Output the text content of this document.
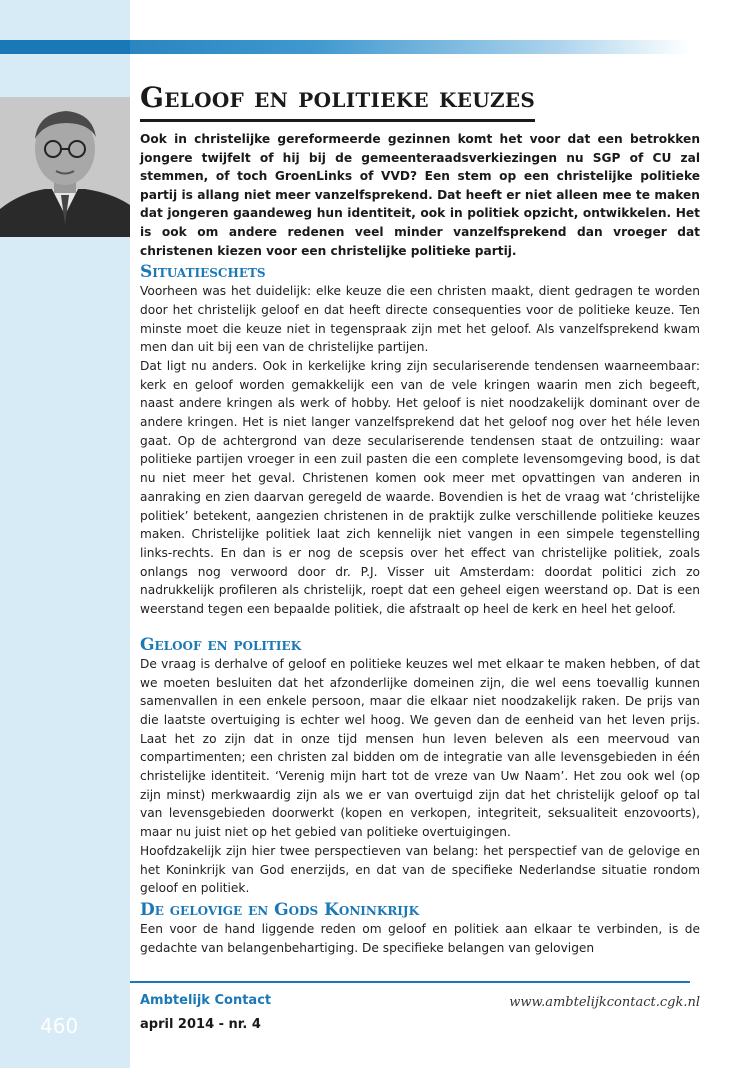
Geloof en politieke keuzes

Ook in christelijke gereformeerde gezinnen komt het voor dat een betrokken jongere twijfelt of hij bij de gemeenteraadsverkiezingen nu SGP of CU zal stemmen, of toch GroenLinks of VVD? Een stem op een christelijke politieke partij is allang niet meer vanzelfsprekend. Dat heeft er niet alleen mee te maken dat jongeren gaandeweg hun identiteit, ook in politiek opzicht, ontwikkelen. Het is ook om andere redenen veel minder vanzelfsprekend dan vroeger dat christenen kiezen voor een christelijke politieke partij.

Situatieschets

Voorheen was het duidelijk: elke keuze die een christen maakt, dient gedragen te worden door het christelijk geloof en dat heeft directe consequenties voor de politieke keuze. Ten minste moet die keuze niet in tegenspraak zijn met het geloof. Als vanzelfsprekend kwam men dan uit bij een van de christelijke partijen.

Dat ligt nu anders. Ook in kerkelijke kring zijn seculariserende tendensen waarneembaar: kerk en geloof worden gemakkelijk een van de vele kringen waarin men zich begeeft, naast andere kringen als werk of hobby. Het geloof is niet noodzakelijk dominant over de andere kringen. Het is niet langer vanzelfsprekend dat het geloof nog over het héle leven gaat. Op de achtergrond van deze seculariserende tendensen staat de ontzuiling: waar politieke partijen vroeger in een zuil pasten die een complete levensomgeving bood, is dat nu niet meer het geval. Christenen komen ook meer met opvattingen van anderen in aanraking en zien daarvan geregeld de waarde. Bovendien is het de vraag wat ‘christelijke politiek’ betekent, aangezien christenen in de praktijk zulke verschillende politieke keuzes maken. Christelijke politiek laat zich kennelijk niet vangen in een simpele tegenstelling links-rechts. En dan is er nog de scepsis over het effect van christelijke politiek, zoals onlangs nog verwoord door dr. P.J. Visser uit Amsterdam: doordat politici zich zo nadrukkelijk profileren als christelijk, roept dat een geheel eigen weerstand op. Dat is een weerstand tegen een bepaalde politiek, die afstraalt op heel de kerk en heel het geloof.

Geloof en politiek

De vraag is derhalve of geloof en politieke keuzes wel met elkaar te maken hebben, of dat we moeten besluiten dat het afzonderlijke domeinen zijn, die wel eens toevallig kunnen samenvallen in een enkele persoon, maar die elkaar niet noodzakelijk raken. De prijs van die laatste overtuiging is echter wel hoog. We geven dan de eenheid van het leven prijs. Laat het zo zijn dat in onze tijd mensen hun leven beleven als een meervoud van compartimenten; een christen zal bidden om de integratie van alle levensgebieden in één christelijke identiteit. ‘Verenig mijn hart tot de vreze van Uw Naam’. Het zou ook wel (op zijn minst) merkwaardig zijn als we er van overtuigd zijn dat het christelijk geloof op tal van levensgebieden doorwerkt (kopen en verkopen, integriteit, seksualiteit enzovoorts), maar nu juist niet op het gebied van politieke overtuigingen.

Hoofdzakelijk zijn hier twee perspectieven van belang: het perspectief van de gelovige en het Koninkrijk van God enerzijds, en dat van de specifieke Nederlandse situatie rondom geloof en politiek.

De gelovige en Gods Koninkrijk

Een voor de hand liggende reden om geloof en politiek aan elkaar te verbinden, is de gedachte van belangenbehartiging. De specifieke belangen van gelovigen

Ambtelijk Contact
april 2014 - nr. 4
www.ambtelijkcontact.cgk.nl
460
